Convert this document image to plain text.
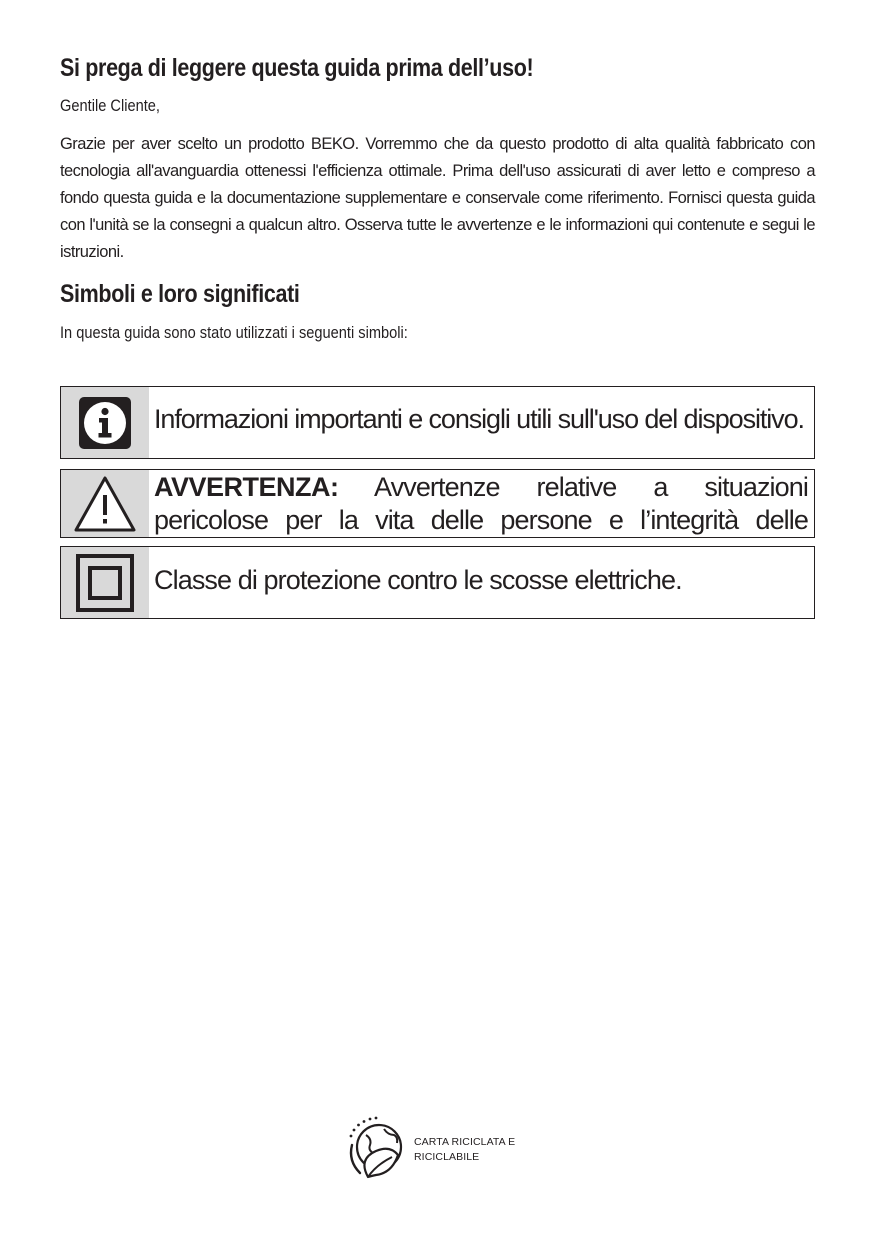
Si prega di leggere questa guida prima dell’uso!
Gentile Cliente,

Grazie per aver scelto un prodotto BEKO. Vorremmo che da questo prodotto di alta qualità fabbricato con tecnologia all'avanguardia ottenessi l'efficienza ottimale. Prima dell'uso assicurati di aver letto e compreso a fondo questa guida e la documentazione supplementare e conservale come riferimento. Fornisci questa guida con l'unità se la consegni a qualcun altro. Osserva tutte le avvertenze e le informazioni qui contenute e segui le istruzioni.

Simboli e loro significati
In questa guida sono stato utilizzati i seguenti simboli:
Informazioni importanti e consigli utili sull'uso del dispositivo.
AVVERTENZA: Avvertenze relative a situazioni pericolose per la vita delle persone e l’integrità delle
Classe di protezione contro le scosse elettriche.
CARTA RICICLATA E
RICICLABILE
